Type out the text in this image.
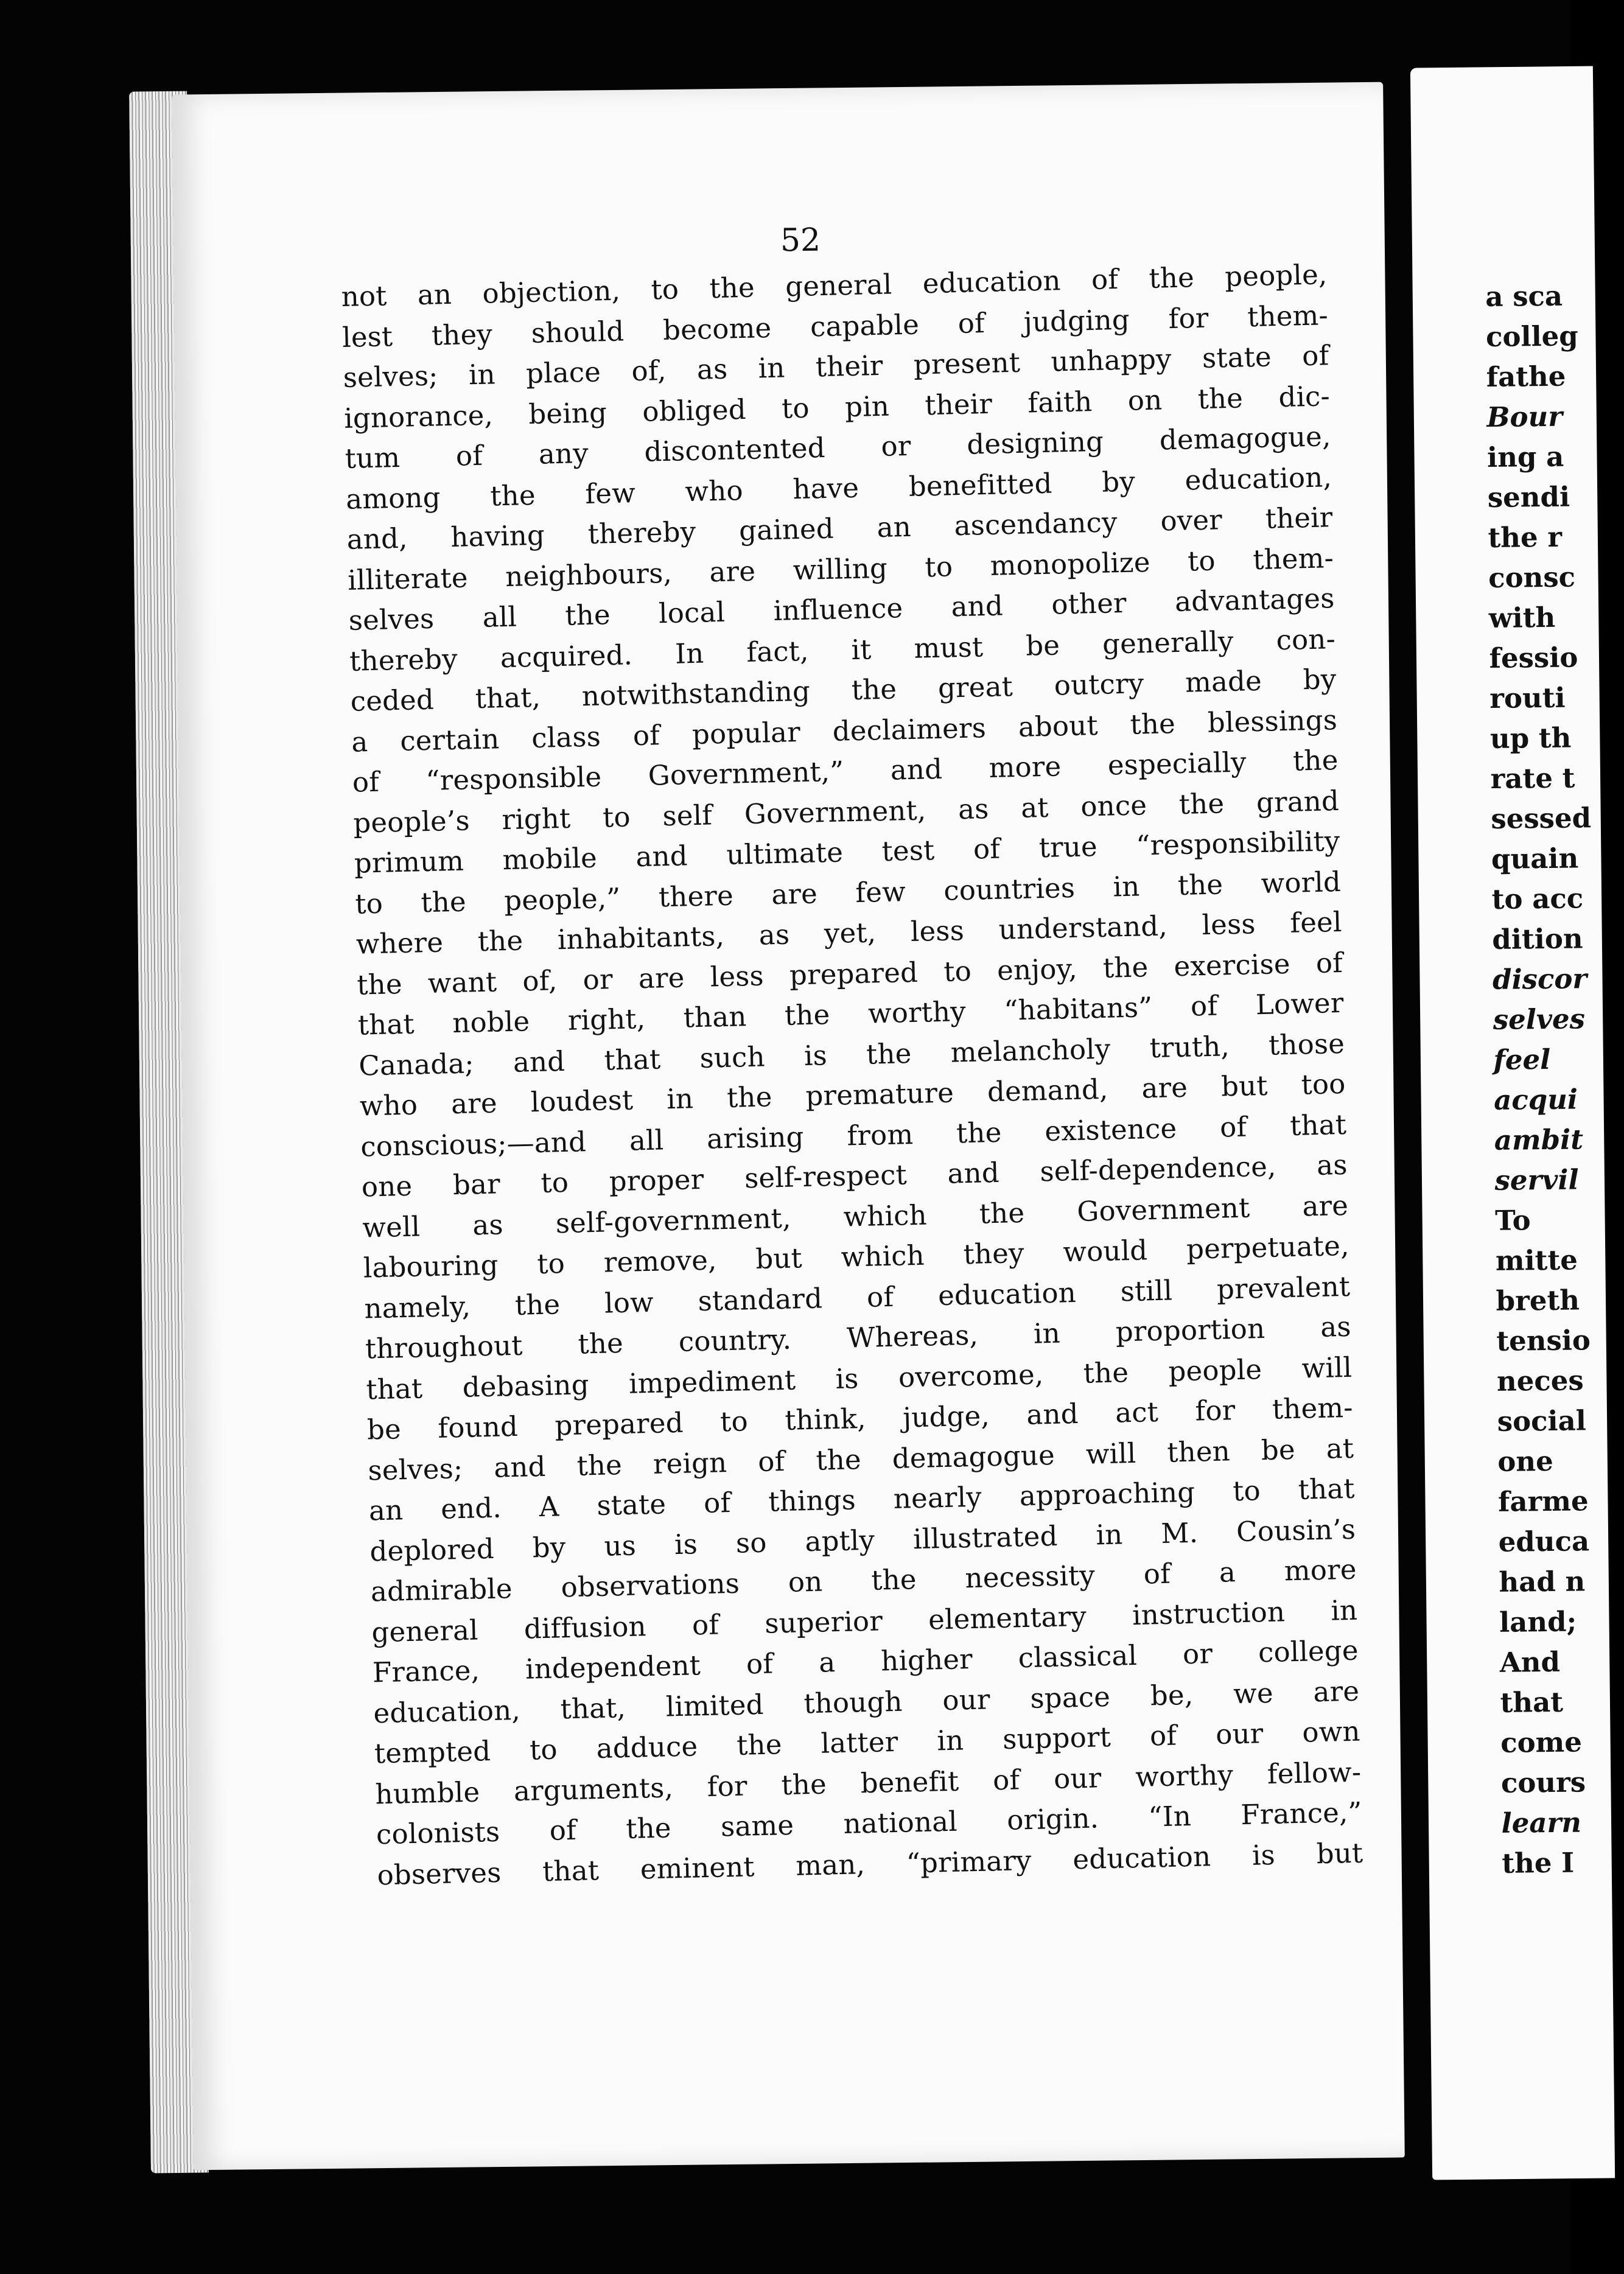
52

not an objection, to the general education of the people,
lest they should become capable of judging for them-
selves; in place of, as in their present unhappy state of
ignorance, being obliged to pin their faith on the dic-
tum of any discontented or designing demagogue,
among the few who have benefitted by education,
and, having thereby gained an ascendancy over their
illiterate neighbours, are willing to monopolize to them-
selves all the local influence and other advantages
thereby acquired. In fact, it must be generally con-
ceded that, notwithstanding the great outcry made by
a certain class of popular declaimers about the blessings
of “responsible Government,” and more especially the
people’s right to self Government, as at once the grand
primum mobile and ultimate test of true “responsibility
to the people,” there are few countries in the world
where the inhabitants, as yet, less understand, less feel
the want of, or are less prepared to enjoy, the exercise of
that noble right, than the worthy “habitans” of Lower
Canada; and that such is the melancholy truth, those
who are loudest in the premature demand, are but too
conscious;—and all arising from the existence of that
one bar to proper self-respect and self-dependence, as
well as self-government, which the Government are
labouring to remove, but which they would perpetuate,
namely, the low standard of education still prevalent
throughout the country. Whereas, in proportion as
that debasing impediment is overcome, the people will
be found prepared to think, judge, and act for them-
selves; and the reign of the demagogue will then be at
an end. A state of things nearly approaching to that
deplored by us is so aptly illustrated in M. Cousin’s
admirable observations on the necessity of a more
general diffusion of superior elementary instruction in
France, independent of a higher classical or college
education, that, limited though our space be, we are
tempted to adduce the latter in support of our own
humble arguments, for the benefit of our worthy fellow-
colonists of the same national origin. “In France,”
observes that eminent man, “primary education is but
a sca
colleg
fathe
Bour
ing a
sendi
the r
consc
with
fessio
routi
up th
rate t
sessed
quain
to acc
dition
discor
selves
feel
acqui
ambit
servil
To
mitte
breth
tensio
neces
social
one
farme
educa
had n
land;
And
that
come
cours
learn
the I
